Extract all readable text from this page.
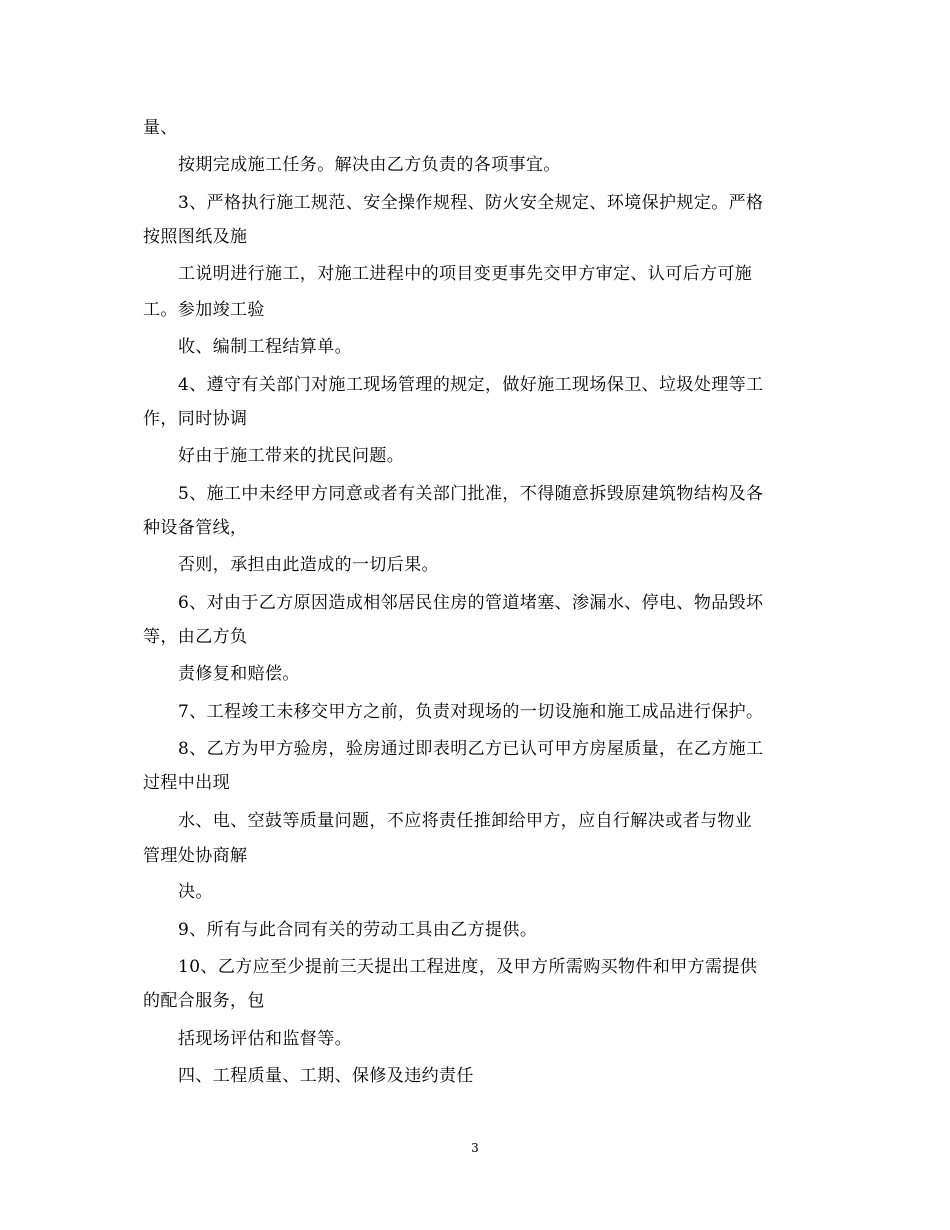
量、
按期完成施工任务。解决由乙方负责的各项事宜。
3、严格执行施工规范、安全操作规程、防火安全规定、环境保护规定。严格
按照图纸及施
工说明进行施工，对施工进程中的项目变更事先交甲方审定、认可后方可施
工。参加竣工验
收、编制工程结算单。
4、遵守有关部门对施工现场管理的规定，做好施工现场保卫、垃圾处理等工
作，同时协调
好由于施工带来的扰民问题。
5、施工中未经甲方同意或者有关部门批准，不得随意拆毁原建筑物结构及各
种设备管线，
否则，承担由此造成的一切后果。
6、对由于乙方原因造成相邻居民住房的管道堵塞、渗漏水、停电、物品毁坏
等，由乙方负
责修复和赔偿。
7、工程竣工未移交甲方之前，负责对现场的一切设施和施工成品进行保护。
8、乙方为甲方验房，验房通过即表明乙方已认可甲方房屋质量，在乙方施工
过程中出现
水、电、空鼓等质量问题，不应将责任推卸给甲方，应自行解决或者与物业
管理处协商解
决。
9、所有与此合同有关的劳动工具由乙方提供。
10、乙方应至少提前三天提出工程进度，及甲方所需购买物件和甲方需提供
的配合服务，包
括现场评估和监督等。
四、工程质量、工期、保修及违约责任
3
